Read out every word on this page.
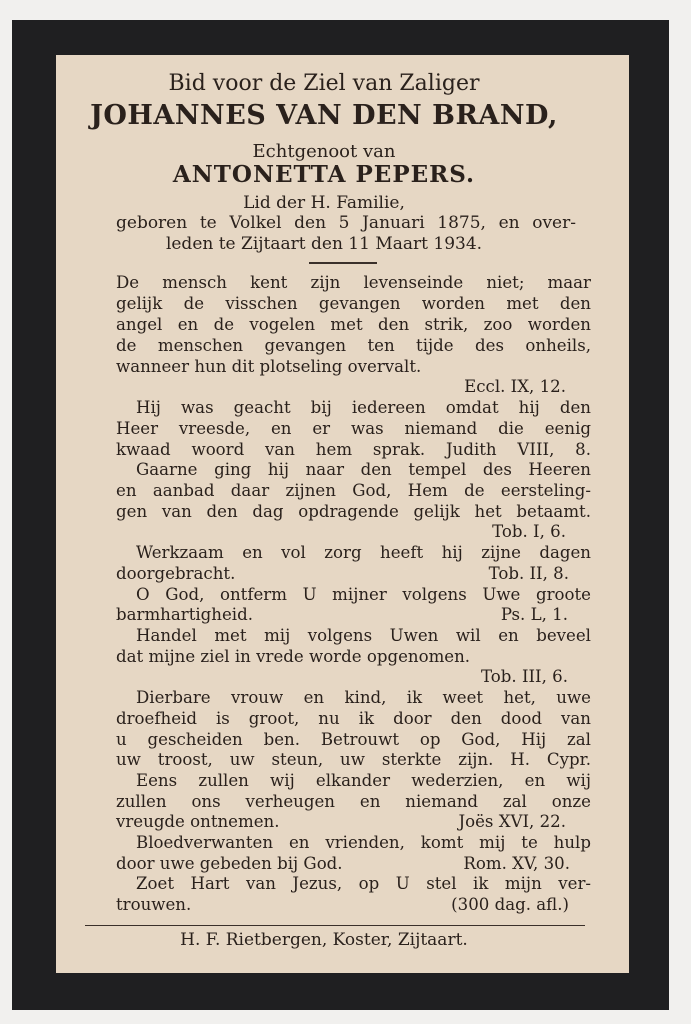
Bid voor de Ziel van Zaliger
JOHANNES VAN DEN BRAND,
Echtgenoot van
ANTONETTA PEPERS.
Lid der H. Familie,
geboren te Volkel den 5 Januari 1875, en over-
leden te Zijtaart den 11 Maart 1934.
De mensch kent zijn levenseinde niet; maar
gelijk de visschen gevangen worden met den
angel en de vogelen met den strik, zoo worden
de menschen gevangen ten tijde des onheils,
wanneer hun dit plotseling overvalt.
Eccl. IX, 12.
Hij was geacht bij iedereen omdat hij den
Heer vreesde, en er was niemand die eenig
kwaad woord van hem sprak. Judith VIII, 8.
Gaarne ging hij naar den tempel des Heeren
en aanbad daar zijnen God, Hem de eersteling-
gen van den dag opdragende gelijk het betaamt.
Tob. I, 6.
Werkzaam en vol zorg heeft hij zijne dagen
doorgebracht.	Tob. II, 8.
O God, ontferm U mijner volgens Uwe groote
barmhartigheid.	Ps. L, 1.
Handel met mij volgens Uwen wil en beveel
dat mijne ziel in vrede worde opgenomen.
Tob. III, 6.
Dierbare vrouw en kind, ik weet het, uwe
droefheid is groot, nu ik door den dood van
u gescheiden ben. Betrouwt op God, Hij zal
uw troost, uw steun, uw sterkte zijn. H. Cypr.
Eens zullen wij elkander wederzien, en wij
zullen ons verheugen en niemand zal onze
vreugde ontnemen.	Joës XVI, 22.
Bloedverwanten en vrienden, komt mij te hulp
door uwe gebeden bij God.	Rom. XV, 30.
Zoet Hart van Jezus, op U stel ik mijn ver-
trouwen.	(300 dag. afl.)
H. F. Rietbergen, Koster, Zijtaart.
